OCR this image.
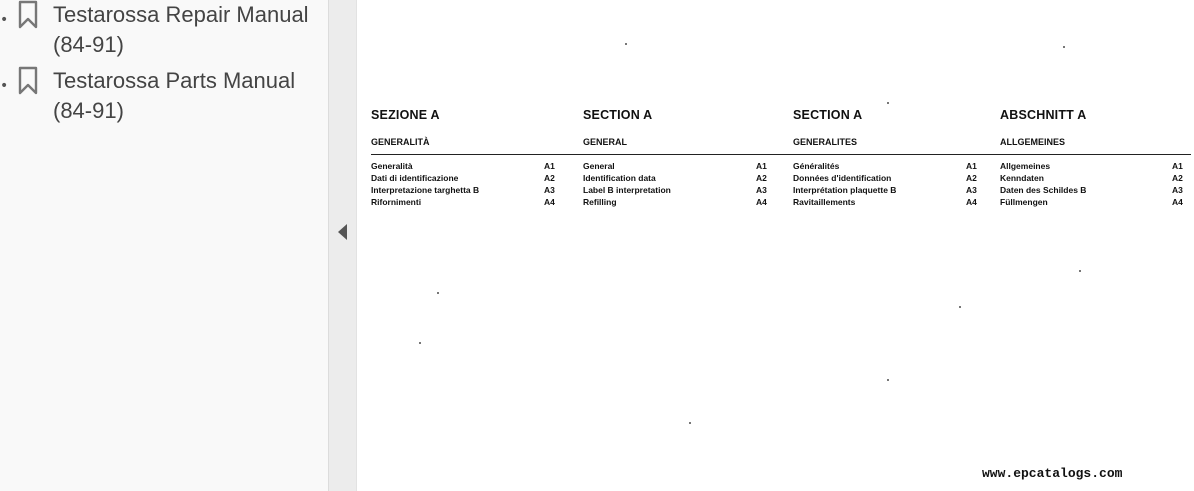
• Testarossa Repair Manual
(84-91)
• Testarossa Parts Manual
(84-91)	SEZIONE A
GENERALITÀ
Generalità	A1
Dati di identificazione	A2
Interpretazione targhetta B	A3
Rifornimenti	A4
SECTION A
GENERAL
General	A1
Identification data	A2
Label B interpretation	A3
Refilling	A4
SECTION A
GENERALITES
Généralités	A1
Données d'identification	A2
Interprétation plaquette B	A3
Ravitaillements	A4
ABSCHNITT A
ALLGEMEINES
Allgemeines	A1
Kenndaten	A2
Daten des Schildes B	A3
Füllmengen	A4
www.epcatalogs.com
